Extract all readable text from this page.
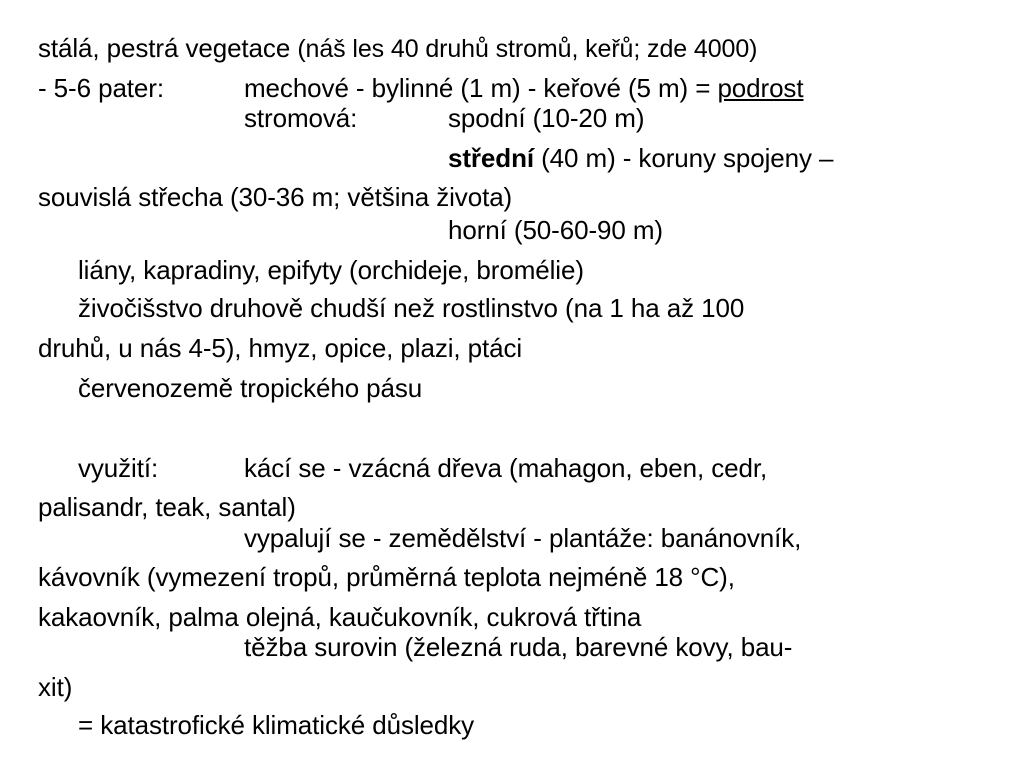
stálá, pestrá vegetace (náš les 40 druhů stromů, keřů; zde 4000)
- 5-6 pater:	mechové - bylinné (1 m) - keřové (5 m) = podrost
stromová:	spodní (10-20 m)
střední (40 m) - koruny spojeny –
souvislá střecha (30-36 m; většina života)
horní (50-60-90 m)
liány, kapradiny, epifyty (orchideje, bromélie)
živočišstvo druhově chudší než rostlinstvo (na 1 ha až 100
druhů, u nás 4-5), hmyz, opice, plazi, ptáci
červenozemě tropického pásu
využití:	kácí se - vzácná dřeva (mahagon, eben, cedr,
palisandr, teak, santal)
vypalují se - zemědělství - plantáže: banánovník,
kávovník (vymezení tropů, průměrná teplota nejméně 18 °C),
kakaovník, palma olejná, kaučukovník, cukrová třtina
těžba surovin (železná ruda, barevné kovy, bau-
xit)
= katastrofické klimatické důsledky
